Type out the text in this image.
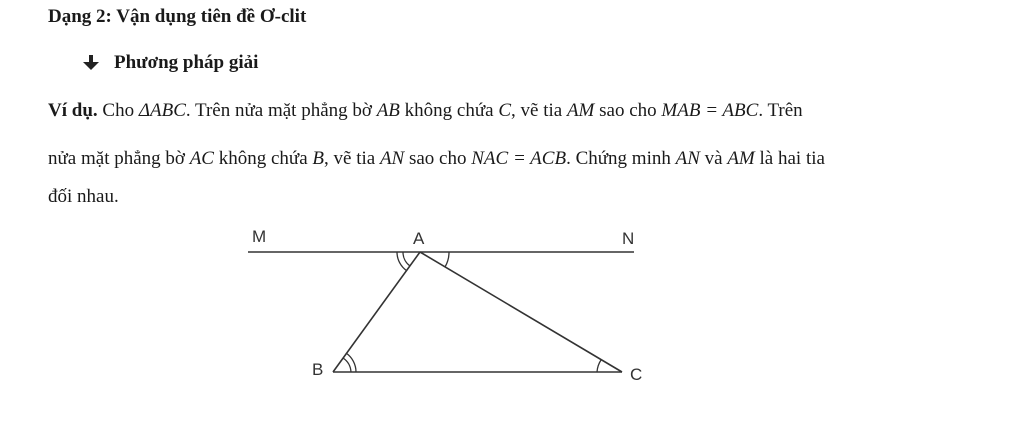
Dạng 2: Vận dụng tiên đề Ơ-clit
Phương pháp giải
Ví dụ. Cho ΔABC. Trên nửa mặt phẳng bờ AB không chứa C, vẽ tia AM sao cho MAB = ABC. Trên
nửa mặt phẳng bờ AC không chứa B, vẽ tia AN sao cho NAC = ACB. Chứng minh AN và AM là hai tia
đối nhau.
M	A	N
B	C
